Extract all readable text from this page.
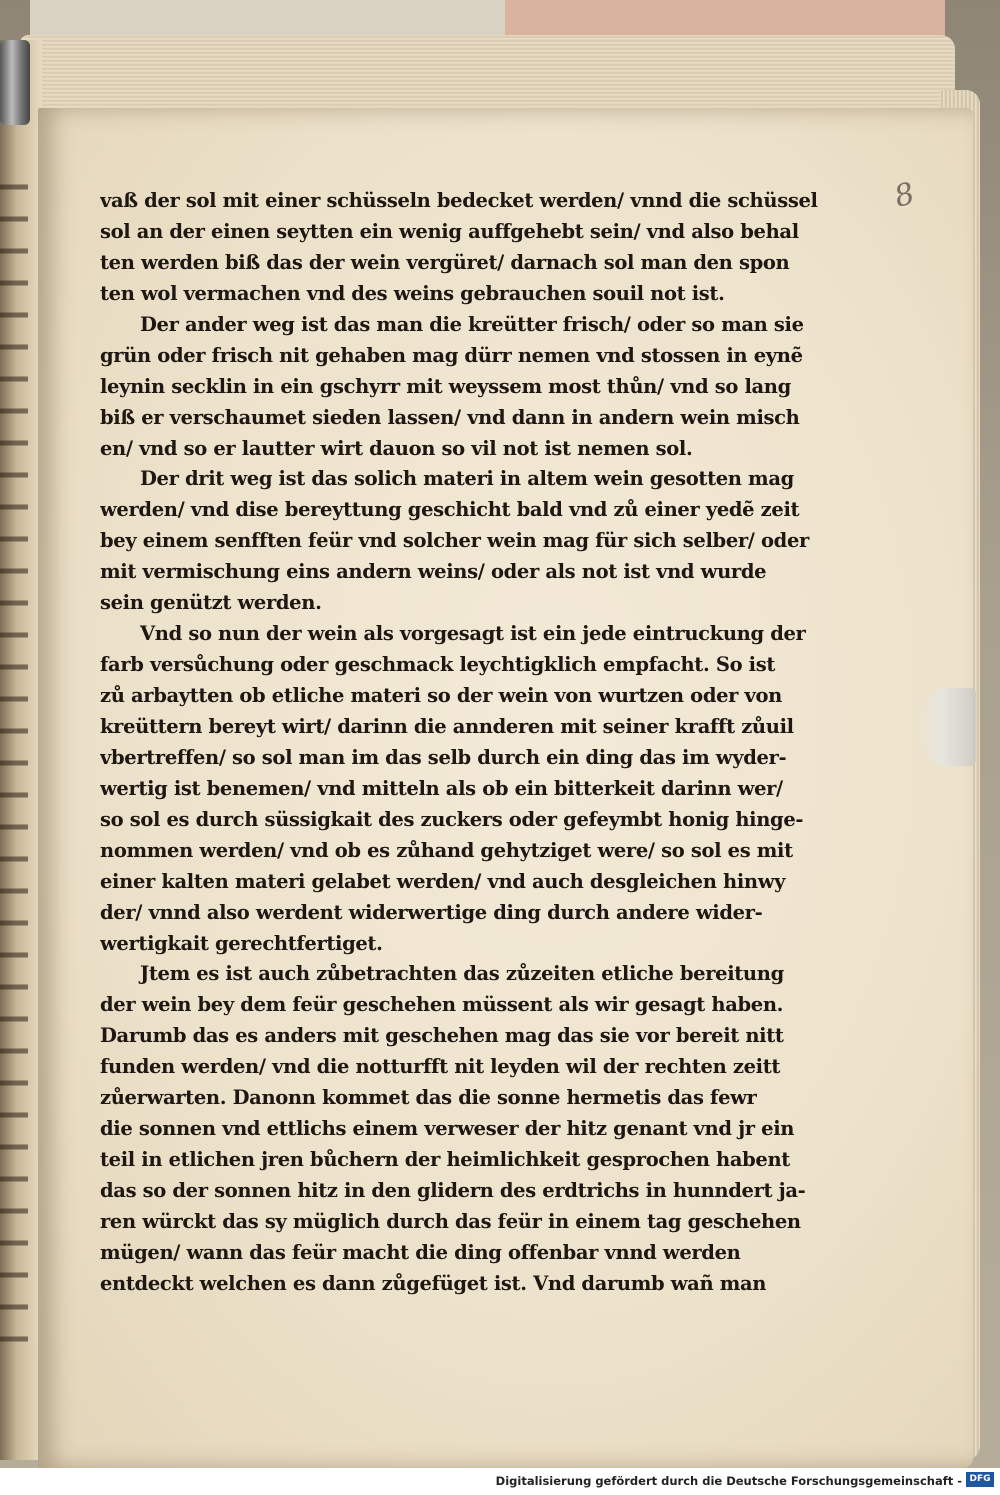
8
vaß der sol mit einer schüsseln bedecket werden/ vnnd die schüssel
sol an der einen seytten ein wenig auffgehebt sein/ vnd also behal
ten werden biß das der wein vergüret/ darnach sol man den spon
ten wol vermachen vnd des weins gebrauchen souil not ist.
Der ander weg ist das man die kreütter frisch/ oder so man sie
grün oder frisch nit gehaben mag dürr nemen vnd stossen in eynẽ
leynin secklin in ein gschyrr mit weyssem most thůn/ vnd so lang
biß er verschaumet sieden lassen/ vnd dann in andern wein misch
en/ vnd so er lautter wirt dauon so vil not ist nemen sol.
Der drit weg ist das solich materi in altem wein gesotten mag
werden/ vnd dise bereyttung geschicht bald vnd zů einer yedẽ zeit
bey einem senfften feür vnd solcher wein mag für sich selber/ oder
mit vermischung eins andern weins/ oder als not ist vnd wurde
sein genützt werden.
Vnd so nun der wein als vorgesagt ist ein jede eintruckung der
farb versůchung oder geschmack leychtigklich empfacht. So ist
zů arbaytten ob etliche materi so der wein von wurtzen oder von
kreüttern bereyt wirt/ darinn die annderen mit seiner krafft zůuil
vbertreffen/ so sol man im das selb durch ein ding das im wyder-
wertig ist benemen/ vnd mitteln als ob ein bitterkeit darinn wer/
so sol es durch süssigkait des zuckers oder gefeymbt honig hinge-
nommen werden/ vnd ob es zůhand gehytziget were/ so sol es mit
einer kalten materi gelabet werden/ vnd auch desgleichen hinwy
der/ vnnd also werdent widerwertige ding durch andere wider-
wertigkait gerechtfertiget.
Jtem es ist auch zůbetrachten das zůzeiten etliche bereitung
der wein bey dem feür geschehen müssent als wir gesagt haben.
Darumb das es anders mit geschehen mag das sie vor bereit nitt
funden werden/ vnd die notturfft nit leyden wil der rechten zeitt
zůerwarten. Danonn kommet das die sonne hermetis das fewr
die sonnen vnd ettlichs einem verweser der hitz genant vnd jr ein
teil in etlichen jren bůchern der heimlichkeit gesprochen habent
das so der sonnen hitz in den glidern des erdtrichs in hunndert ja-
ren würckt das sy müglich durch das feür in einem tag geschehen
mügen/ wann das feür macht die ding offenbar vnnd werden
entdeckt welchen es dann zůgefüget ist. Vnd darumb wañ man
Digitalisierung gefördert durch die Deutsche Forschungsgemeinschaft - DFG
